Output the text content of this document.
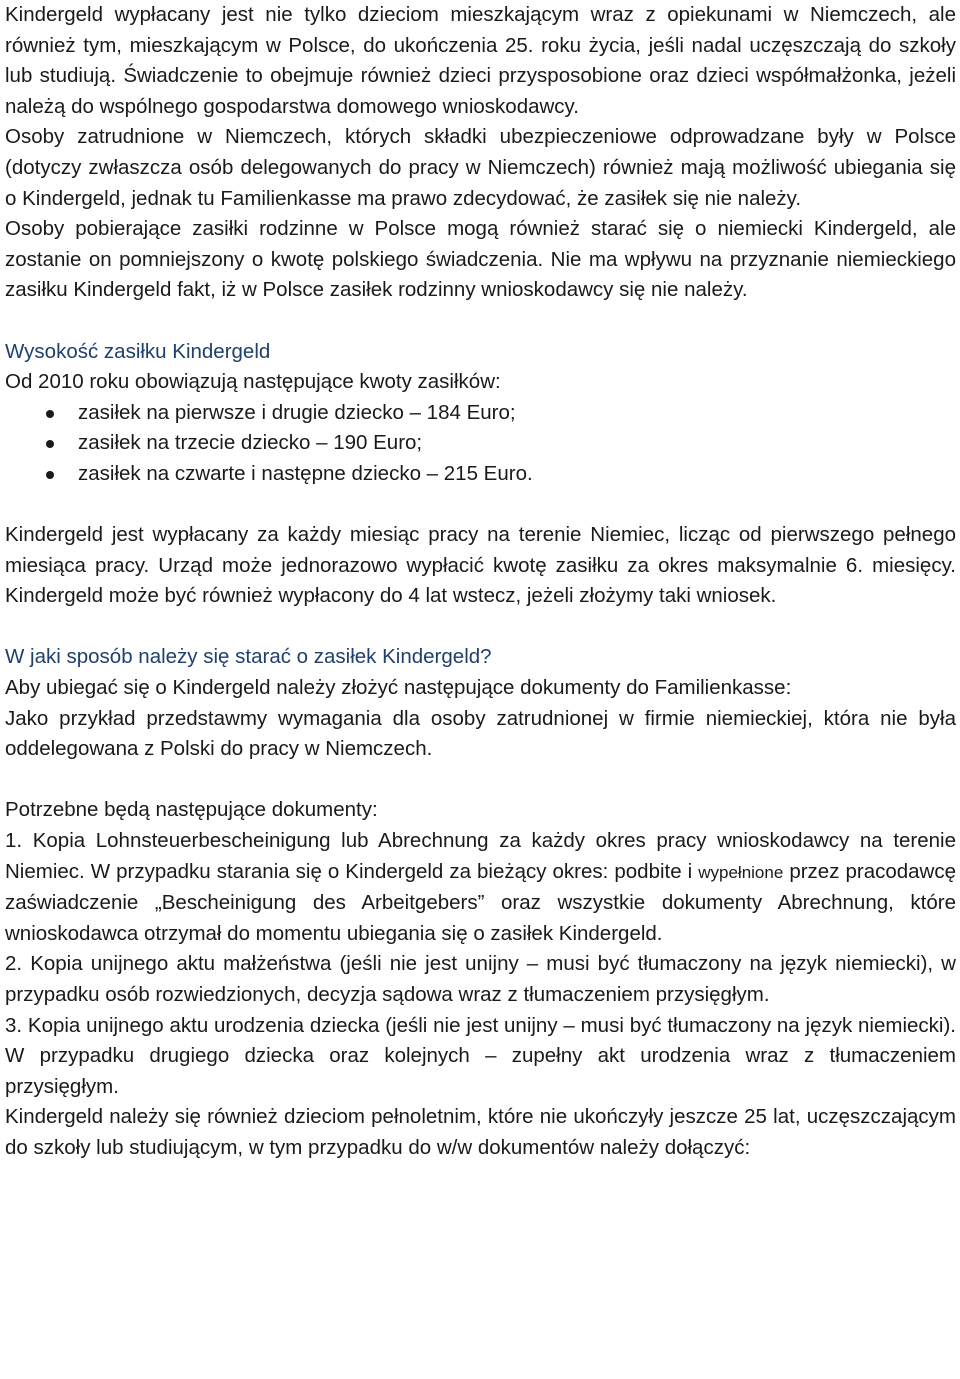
Kindergeld wypłacany jest nie tylko dzieciom mieszkającym wraz z opiekunami w Niemczech, ale również tym, mieszkającym w Polsce, do ukończenia 25. roku życia, jeśli nadal uczęszczają do szkoły lub studiują. Świadczenie to obejmuje również dzieci przysposobione oraz dzieci współmałżonka, jeżeli należą do wspólnego gospodarstwa domowego wnioskodawcy.

Osoby zatrudnione w Niemczech, których składki ubezpieczeniowe odprowadzane były w Polsce (dotyczy zwłaszcza osób delegowanych do pracy w Niemczech) również mają możliwość ubiegania się o Kindergeld, jednak tu Familienkasse ma prawo zdecydować, że zasiłek się nie należy.

Osoby pobierające zasiłki rodzinne w Polsce mogą również starać się o niemiecki Kindergeld, ale zostanie on pomniejszony o kwotę polskiego świadczenia. Nie ma wpływu na przyznanie niemieckiego zasiłku Kindergeld fakt, iż w Polsce zasiłek rodzinny wnioskodawcy się nie należy.

Wysokość zasiłku Kindergeld

Od 2010 roku obowiązują następujące kwoty zasiłków:

zasiłek na pierwsze i drugie dziecko – 184 Euro;
zasiłek na trzecie dziecko – 190 Euro;
zasiłek na czwarte i następne dziecko – 215 Euro.

Kindergeld jest wypłacany za każdy miesiąc pracy na terenie Niemiec, licząc od pierwszego pełnego miesiąca pracy. Urząd może jednorazowo wypłacić kwotę zasiłku za okres maksymalnie 6. miesięcy. Kindergeld może być również wypłacony do 4 lat wstecz, jeżeli złożymy taki wniosek.

W jaki sposób należy się starać o zasiłek Kindergeld?

Aby ubiegać się o Kindergeld należy złożyć następujące dokumenty do Familienkasse:

Jako przykład przedstawmy wymagania dla osoby zatrudnionej w firmie niemieckiej, która nie była oddelegowana z Polski do pracy w Niemczech.

Potrzebne będą następujące dokumenty:

1. Kopia Lohnsteuerbescheinigung lub Abrechnung za każdy okres pracy wnioskodawcy na terenie Niemiec. W przypadku starania się o Kindergeld za bieżący okres: podbite i wypełnione przez pracodawcę zaświadczenie „Bescheinigung des Arbeitgebers” oraz wszystkie dokumenty Abrechnung, które wnioskodawca otrzymał do momentu ubiegania się o zasiłek Kindergeld.

2. Kopia unijnego aktu małżeństwa (jeśli nie jest unijny – musi być tłumaczony na język niemiecki), w przypadku osób rozwiedzionych, decyzja sądowa wraz z tłumaczeniem przysięgłym.

3. Kopia unijnego aktu urodzenia dziecka (jeśli nie jest unijny – musi być tłumaczony na język niemiecki). W przypadku drugiego dziecka oraz kolejnych – zupełny akt urodzenia wraz z tłumaczeniem przysięgłym.

Kindergeld należy się również dzieciom pełnoletnim, które nie ukończyły jeszcze 25 lat, uczęszczającym do szkoły lub studiującym, w tym przypadku do w/w dokumentów należy dołączyć:
